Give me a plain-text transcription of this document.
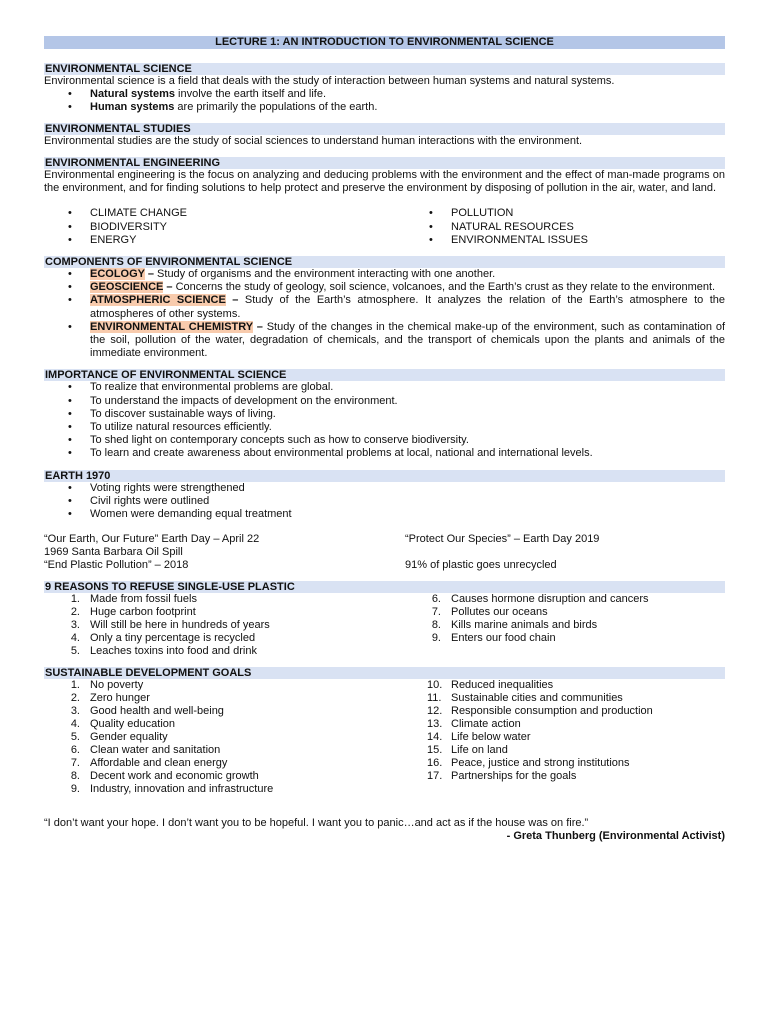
LECTURE 1: AN INTRODUCTION TO ENVIRONMENTAL SCIENCE
ENVIRONMENTAL SCIENCE

Environmental science is a field that deals with the study of interaction between human systems and natural systems.

• Natural systems involve the earth itself and life.
• Human systems are primarily the populations of the earth.
ENVIRONMENTAL STUDIES

Environmental studies are the study of social sciences to understand human interactions with the environment.

ENVIRONMENTAL ENGINEERING

Environmental engineering is the focus on analyzing and deducing problems with the environment and the effect of man-made programs on the environment, and for finding solutions to help protect and preserve the environment by disposing of pollution in the air, water, and land.

• CLIMATE CHANGE
• BIODIVERSITY
• ENERGY
• POLLUTION
• NATURAL RESOURCES
• ENVIRONMENTAL ISSUES
COMPONENTS OF ENVIRONMENTAL SCIENCE
• ECOLOGY – Study of organisms and the environment interacting with one another.
• GEOSCIENCE – Concerns the study of geology, soil science, volcanoes, and the Earth’s crust as they relate to the environment.
• ATMOSPHERIC SCIENCE – Study of the Earth’s atmosphere. It analyzes the relation of the Earth’s atmosphere to the atmospheres of other systems.
• ENVIRONMENTAL CHEMISTRY – Study of the changes in the chemical make-up of the environment, such as contamination of the soil, pollution of the water, degradation of chemicals, and the transport of chemicals upon the plants and animals of the immediate environment.
IMPORTANCE OF ENVIRONMENTAL SCIENCE
• To realize that environmental problems are global.
• To understand the impacts of development on the environment.
• To discover sustainable ways of living.
• To utilize natural resources efficiently.
• To shed light on contemporary concepts such as how to conserve biodiversity.
• To learn and create awareness about environmental problems at local, national and international levels.
EARTH 1970
• Voting rights were strengthened
• Civil rights were outlined
• Women were demanding equal treatment

“Our Earth, Our Future” Earth Day – April 22

1969 Santa Barbara Oil Spill

“End Plastic Pollution” – 2018

“Protect Our Species” – Earth Day 2019

91% of plastic goes unrecycled

9 REASONS TO REFUSE SINGLE-USE PLASTIC
1. Made from fossil fuels
2. Huge carbon footprint
3. Will still be here in hundreds of years
4. Only a tiny percentage is recycled
5. Leaches toxins into food and drink
6. Causes hormone disruption and cancers
7. Pollutes our oceans
8. Kills marine animals and birds
9. Enters our food chain
SUSTAINABLE DEVELOPMENT GOALS
1. No poverty
2. Zero hunger
3. Good health and well-being
4. Quality education
5. Gender equality
6. Clean water and sanitation
7. Affordable and clean energy
8. Decent work and economic growth
9. Industry, innovation and infrastructure
10. Reduced inequalities
11. Sustainable cities and communities
12. Responsible consumption and production
13. Climate action
14. Life below water
15. Life on land
16. Peace, justice and strong institutions
17. Partnerships for the goals

“I don’t want your hope. I don’t want you to be hopeful. I want you to panic…and act as if the house was on fire.”

- Greta Thunberg (Environmental Activist)
